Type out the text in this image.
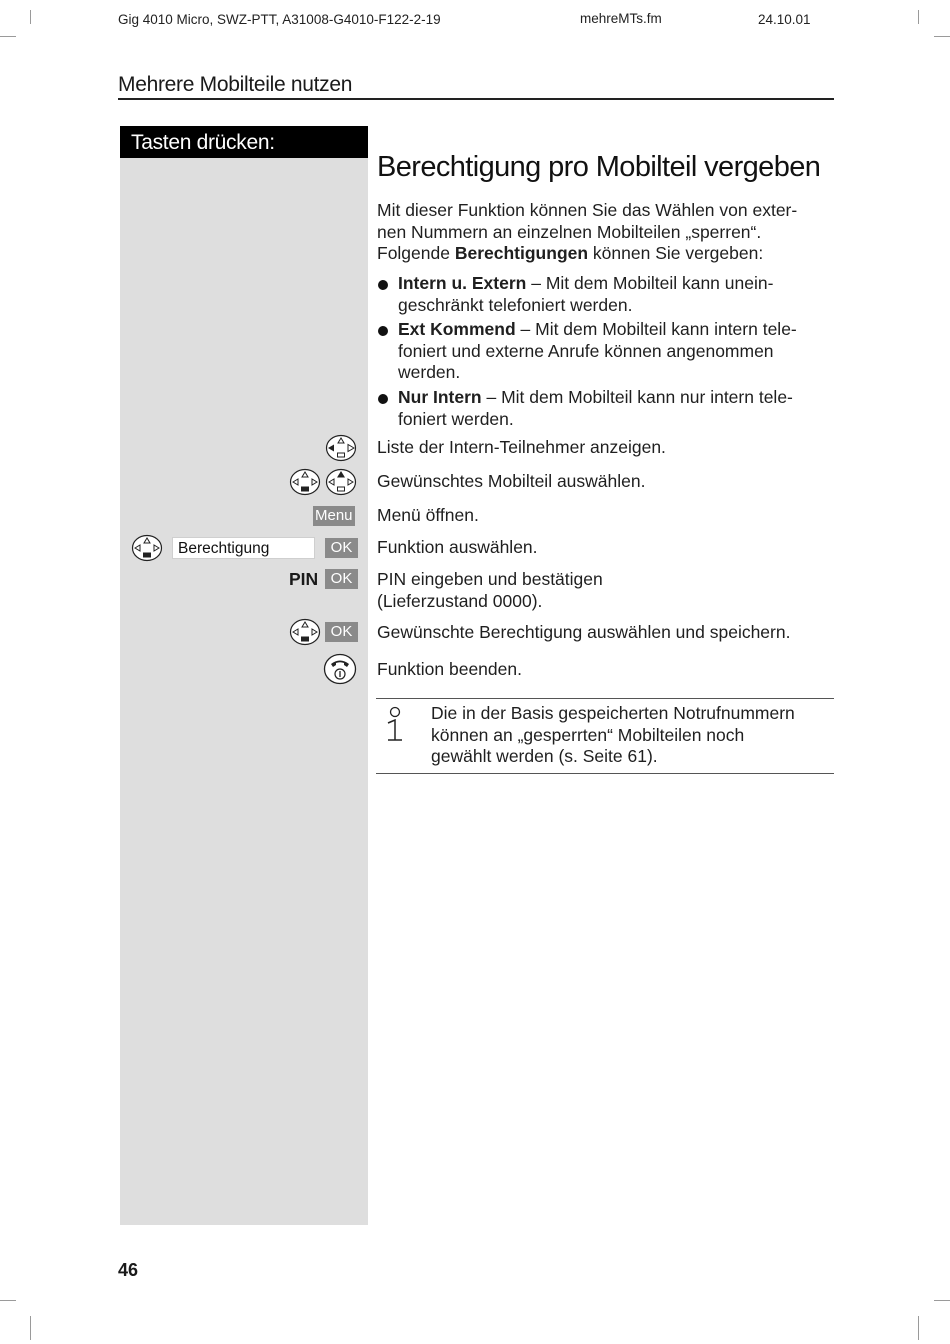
Gig 4010 Micro, SWZ-PTT, A31008-G4010-F122-2-19	mehreMTs.fm	24.10.01
Mehrere Mobilteile nutzen
Tasten drücken:
Berechtigung pro Mobilteil vergeben
Mit dieser Funktion können Sie das Wählen von exter-
nen Nummern an einzelnen Mobilteilen „sperren“.
Folgende Berechtigungen können Sie vergeben:
Intern u. Extern – Mit dem Mobilteil kann unein-
geschränkt telefoniert werden.
Ext Kommend – Mit dem Mobilteil kann intern tele-
foniert und externe Anrufe können angenommen
werden.
Nur Intern – Mit dem Mobilteil kann nur intern tele-
foniert werden.
Liste der Intern-Teilnehmer anzeigen.
Gewünschtes Mobilteil auswählen.
Menu Menü öffnen.
Berechtigung	OK	Funktion auswählen.
PIN OK	PIN eingeben und bestätigen
(Lieferzustand 0000).
OK	Gewünschte Berechtigung auswählen und speichern.
Funktion beenden.
Die in der Basis gespeicherten Notrufnummern
können an „gesperrten“ Mobilteilen noch
gewählt werden (s. Seite 61).
46
